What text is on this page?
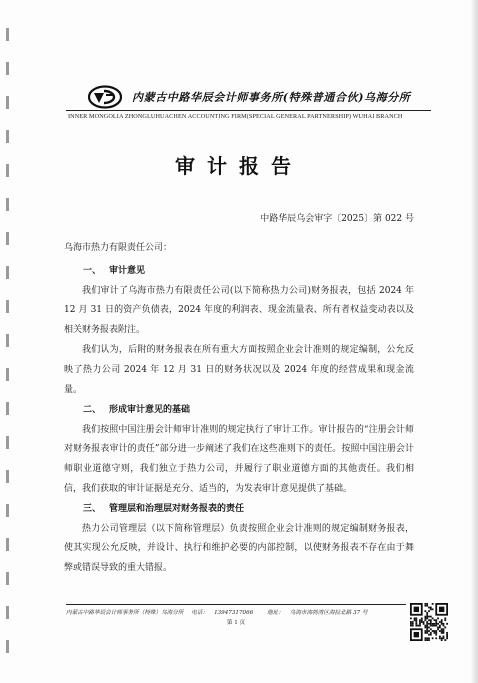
内蒙古中路华辰会计师事务所(特殊普通合伙)乌海分所
INNER MONGOLIA ZHONGLUHUACHEN ACCOUNTING FIRM(SPECIAL GENERAL PARTNERSHIP) WUHAI BRANCH
审计报告
中路华辰乌会审字〔2025〕第 022 号
乌海市热力有限责任公司：
一、 审计意见

我们审计了乌海市热力有限责任公司(以下简称热力公司)财务报表，包括 2024 年 12 月 31 日的资产负债表，2024 年度的利润表、现金流量表、所有者权益变动表以及相关财务报表附注。

我们认为，后附的财务报表在所有重大方面按照企业会计准则的规定编制，公允反映了热力公司 2024 年 12 月 31 日的财务状况以及 2024 年度的经营成果和现金流量。

二、 形成审计意见的基础

我们按照中国注册会计师审计准则的规定执行了审计工作。审计报告的“注册会计师对财务报表审计的责任”部分进一步阐述了我们在这些准则下的责任。按照中国注册会计师职业道德守则，我们独立于热力公司，并履行了职业道德方面的其他责任。我们相信，我们获取的审计证据是充分、适当的，为发表审计意见提供了基础。

三、 管理层和治理层对财务报表的责任

热力公司管理层（以下简称管理层）负责按照企业会计准则的规定编制财务报表，使其实现公允反映，并设计、执行和维护必要的内部控制，以使财务报表不存在由于舞弊或错误导致的重大错报。

内蒙古中路华辰会计师事务所（特殊）乌海分所 电话： 13947317066 地址： 乌海市海勃湾区海拉北路 37 号
第 1 页
